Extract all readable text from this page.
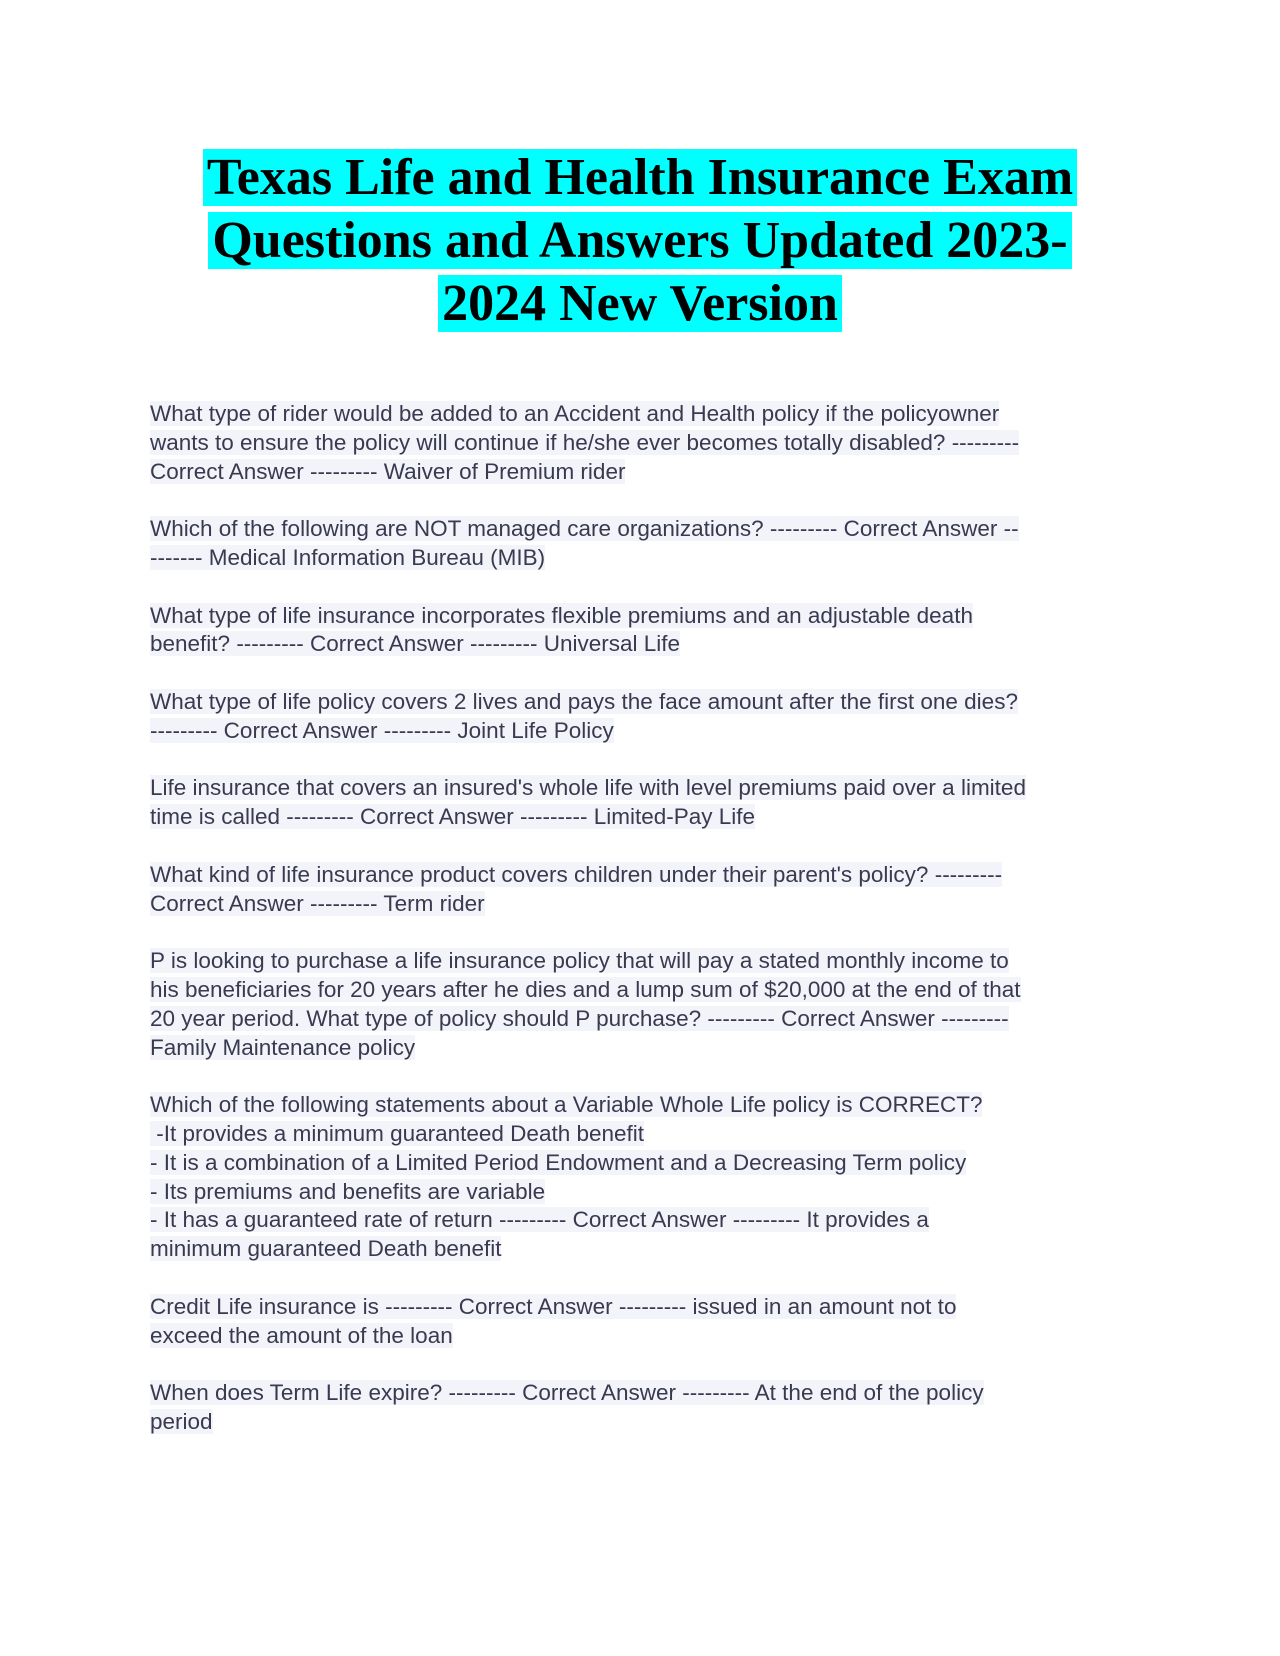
Texas Life and Health Insurance Exam
Questions and Answers Updated 2023-
2024 New Version
What type of rider would be added to an Accident and Health policy if the policyowner
wants to ensure the policy will continue if he/she ever becomes totally disabled? ---------
Correct Answer --------- Waiver of Premium rider
Which of the following are NOT managed care organizations? --------- Correct Answer --
------- Medical Information Bureau (MIB)
What type of life insurance incorporates flexible premiums and an adjustable death
benefit? --------- Correct Answer --------- Universal Life
What type of life policy covers 2 lives and pays the face amount after the first one dies?
--------- Correct Answer --------- Joint Life Policy
Life insurance that covers an insured's whole life with level premiums paid over a limited
time is called --------- Correct Answer --------- Limited-Pay Life
What kind of life insurance product covers children under their parent's policy? ---------
Correct Answer --------- Term rider
P is looking to purchase a life insurance policy that will pay a stated monthly income to
his beneficiaries for 20 years after he dies and a lump sum of $20,000 at the end of that
20 year period. What type of policy should P purchase? --------- Correct Answer ---------
Family Maintenance policy
Which of the following statements about a Variable Whole Life policy is CORRECT?
-It provides a minimum guaranteed Death benefit
- It is a combination of a Limited Period Endowment and a Decreasing Term policy
- Its premiums and benefits are variable
- It has a guaranteed rate of return --------- Correct Answer --------- It provides a
minimum guaranteed Death benefit
Credit Life insurance is --------- Correct Answer --------- issued in an amount not to
exceed the amount of the loan
When does Term Life expire? --------- Correct Answer --------- At the end of the policy
period
